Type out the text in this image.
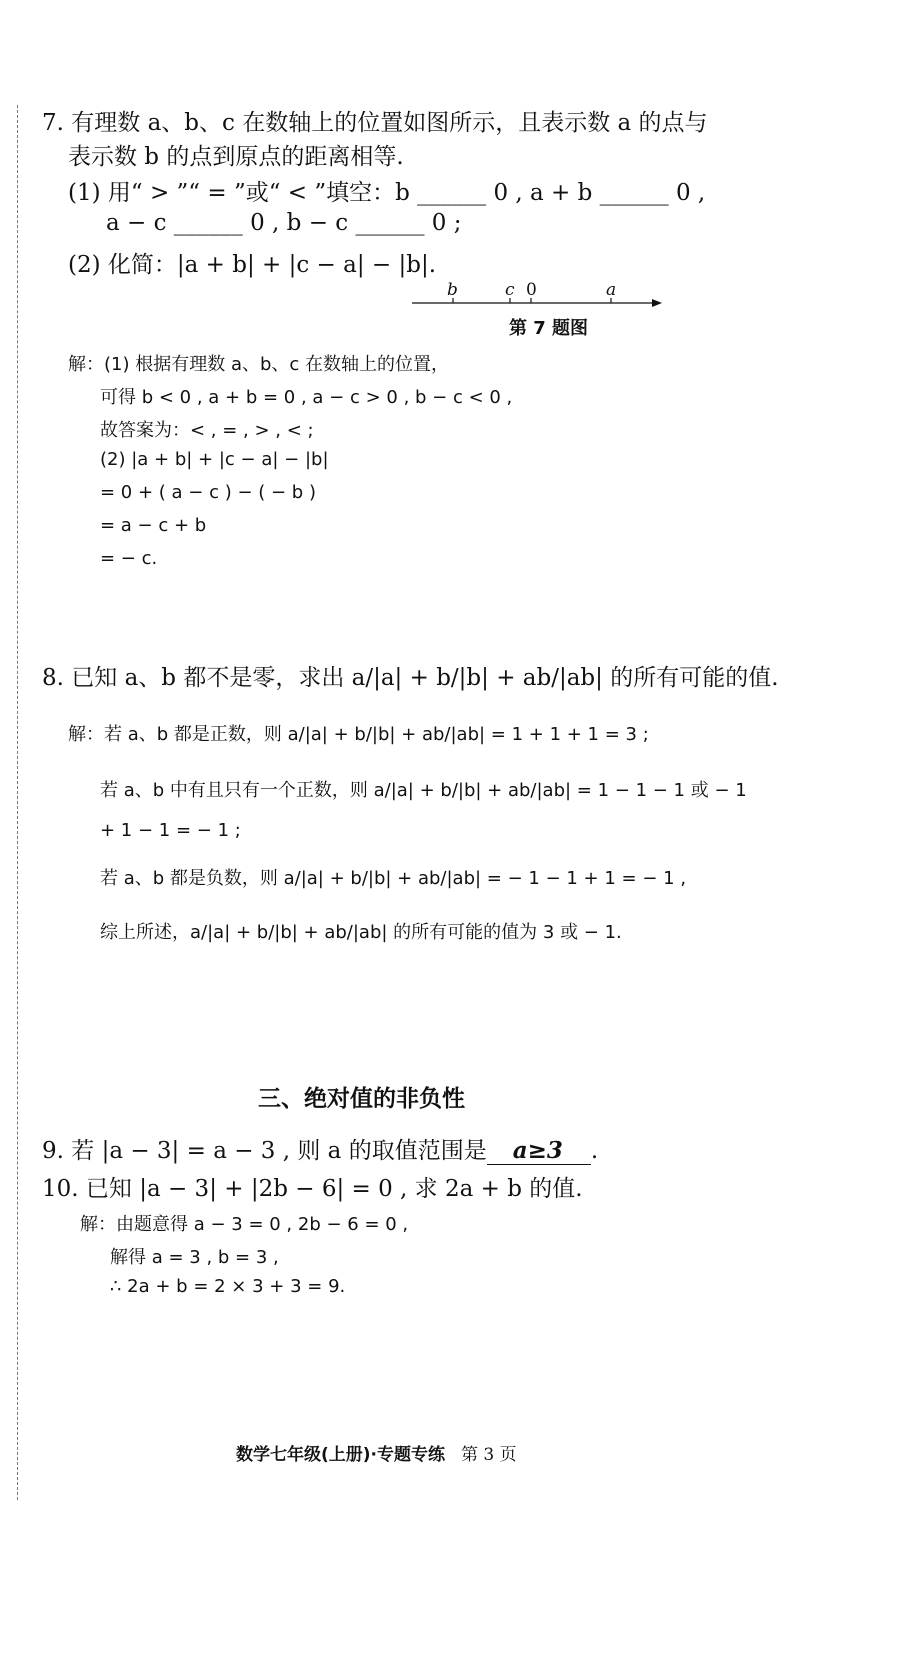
7. 有理数 a、b、c 在数轴上的位置如图所示，且表示数 a 的点与
表示数 b 的点到原点的距离相等.
(1) 用“ > ”“ = ”或“ < ”填空：b ______ 0 , a + b ______ 0 ,
a − c ______ 0 , b − c ______ 0 ;
(2) 化简：|a + b| + |c − a| − |b|.
b	c 0	a
第 7 题图
解：(1) 根据有理数 a、b、c 在数轴上的位置，
可得 b < 0 , a + b = 0 , a − c > 0 , b − c < 0 ,
故答案为：< , = , > , < ;
(2) |a + b| + |c − a| − |b|
= 0 + ( a − c ) − ( − b )
= a − c + b
= − c.
8. 已知 a、b 都不是零，求出 a/|a| + b/|b| + ab/|ab| 的所有可能的值.
解：若 a、b 都是正数，则 a/|a| + b/|b| + ab/|ab| = 1 + 1 + 1 = 3 ;
若 a、b 中有且只有一个正数，则 a/|a| + b/|b| + ab/|ab| = 1 − 1 − 1 或 − 1
+ 1 − 1 = − 1 ;
若 a、b 都是负数，则 a/|a| + b/|b| + ab/|ab| = − 1 − 1 + 1 = − 1 ,
综上所述，a/|a| + b/|b| + ab/|ab| 的所有可能的值为 3 或 − 1.
三、绝对值的非负性
9. 若 |a − 3| = a − 3 , 则 a 的取值范围是 a≥3 .
10. 已知 |a − 3| + |2b − 6| = 0 , 求 2a + b 的值.
解：由题意得 a − 3 = 0 , 2b − 6 = 0 ,
解得 a = 3 , b = 3 ,
∴ 2a + b = 2 × 3 + 3 = 9.
数学七年级(上册)·专题专练 第 3 页
